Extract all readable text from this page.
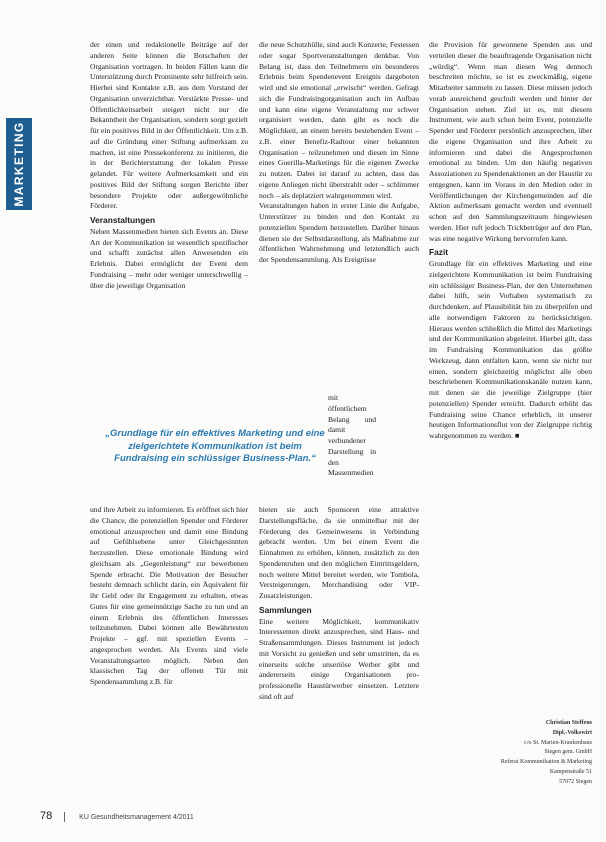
MARKETING

der einen und redaktionelle Beiträge auf der anderen Seite können die Botschaften der Organisation vortragen. In beiden Fällen kann die Unterstützung durch Prominente sehr hilfreich sein. Hierbei sind Kontakte z.B. aus dem Vorstand der Organisation unverzichtbar. Verstärkte Presse- und Öffentlichkeitsarbeit steigert nicht nur die Bekanntheit der Organisation, sondern sorgt gezielt für ein positives Bild in der Öffentlichkeit. Um z.B. auf die Gründung einer Stiftung aufmerksam zu machen, ist eine Pressekonferenz zu initiieren, die in der Berichterstattung der lokalen Presse gelandet. Für weitere Aufmerksamkeit und ein positives Bild der Stiftung sorgen Berichte über besondere Projekte oder außergewöhnliche Förderer.

Veranstaltungen

Neben Massenmedien bieten sich Events an. Diese Art der Kommunikation ist wesentlich spezifischer und schafft zunächst allen Anwesenden ein Erlebnis. Dabei ermöglicht der Event dem Fundraising – mehr oder weniger unterschwellig – über die jeweilige Organisation

die neue Schutzhülle, sind auch Konzerte, Festessen oder sogar Sportveranstaltungen denkbar. Von Belang ist, dass den Teilnehmern ein besonderes Erlebnis beim Spendenevent Ereignis dargeboten wird und sie emotional „erwischt“ werden. Gefragt sich die Fundraisingorganisation auch im Aufbau und kann eine eigene Veranstaltung nur schwer organisiert werden, dann gibt es noch die Möglichkeit, an einem bereits bestehenden Event – z.B. einer Benefiz-Radtour einer bekannten Organisation – teilzunehmen und diesen im Sinne eines Guerilla-Marketings für die eigenen Zwecke zu nutzen. Dabei ist darauf zu achten, dass das eigene Anliegen nicht überstrahlt oder – schlimmer noch – als deplatziert wahrgenommen wird.

Veranstaltungen haben in erster Linie die Aufgabe, Unterstützer zu binden und den Kontakt zu potenziellen Spendern herzustellen. Darüber hinaus dienen sie der Selbstdarstellung, als Maßnahme zur öffentlichen Wahrnehmung und letztendlich auch der Spendensammlung. Als Ereignisse

mit öffentlichem Belang und damit verbundener Darstellung in den Massenmedien
„Grundlage für ein effektives Marketing und eine zielgerichtete Kommunikation ist beim Fundraising ein schlüssiger Business-Plan.“
und ihre Arbeit zu informieren. Es eröffnet sich hier die Chance, die potenziellen Spender und Förderer emotional anzusprechen und damit eine Bindung auf Gefühlsebene unter Gleichgesinnten herzustellen. Diese emotionale Bindung wird gleichsam als „Gegenleistung“ zur bewerbenen Spende erbracht. Die Motivation der Besucher besteht demnach schlicht darin, ein Äquivalent für ihr Geld oder ihr Engagement zu erhalten, etwas Gutes für eine gemeinnützige Sache zu tun und an einem Erlebnis des öffentlichen Interesses teilzunehmen. Dabei können alle Bewährtesten Projekte – ggf. mit speziellen Events – angesprochen werden. Als Events sind viele Veranstaltungsarten möglich. Neben den klassischen Tag der offenen Tür mit Spendensammlung z.B. für

bieten sie auch Sponsoren eine attraktive Darstellungsfläche, da sie unmittelbar mit der Förderung des Gemeinwesens in Verbindung gebracht werden. Um bei einem Event die Einnahmen zu erhöhen, können, zusätzlich zu den Spendentruhen und den möglichen Eintrittsgeldern, noch weitere Mittel bereitet werden, wie Tombola, Versteigerungen, Merchandising oder VIP-Zusatzleistungen.

Sammlungen

Eine weitere Möglichkeit, kommunikativ Interessenten direkt anzusprechen, sind Haus- und Straßensammlungen. Dieses Instrument ist jedoch mit Vorsicht zu genießen und sehr umstritten, da es einerseits solche unseriöse Werber gibt und andererseits einige Organisationen pro-professionelle Haustürwerber einsetzen. Letztere sind oft auf

die Provision für gewonnene Spenden aus und verteilen dieser die beauftragende Organisation nicht „würdig“. Wenn man diesen Weg dennoch beschreiten möchte, so ist es zweckmäßig, eigene Mitarbeiter sammeln zu lassen. Diese müssen jedoch vorab ausreichend geschult werden und hinter der Organisation stehen. Ziel ist es, mit diesem Instrument, wie auch schon beim Event, potenzielle Spender und Förderer persönlich anzusprechen, über die eigene Organisation und ihre Arbeit zu informieren und dabei die Angesprochenen emotional zu binden. Um den häufig negativen Assoziationen zu Spendenaktionen an der Haustür zu entgegnen, kann im Voraus in den Medien oder in Veröffentlichungen der Kirchengemeinden auf die Aktion aufmerksam gemacht werden und eventuell schon auf den Sammlungszeitraum hingewiesen werden. Hier ruft jedoch Trickbetrüger auf den Plan, was eine negative Wirkung hervorrufen kann.

Fazit

Grundlage für ein effektives Marketing und eine zielgerichtete Kommunikation ist beim Fundraising ein schlüssiger Business-Plan, der den Unternehmen dabei hilft, sein Vorhaben systematisch zu durchdenken, auf Plausibilität hin zu überprüfen und alle notwendigen Faktoren zu berücksichtigen. Hieraus werden schließlich die Mittel des Marketings und der Kommunikation abgeleitet. Hierbei gilt, dass im Fundraising Kommunikation das größte Werkzeug, dann entfalten kann, wenn sie nicht nur einen, sondern gleichzeitig möglichst alle oben beschriebenen Kommunikationskanäle nutzen kann, mit denen sie die jeweilige Zielgruppe (hier potenziellen) Spender erreicht. Dadurch erhöht das Fundraising seine Chance erheblich, in unserer heutigen Informationsflut von der Zielgruppe richtig wahrgenommen zu werden. ■

Christian Steffens
Dipl.-Volkswirt
c/o St. Marien-Krankenhaus
Siegen gem. GmbH
Referat Kommunikation & Marketing
Kampenstraße 51
57072 Siegen
78	KU Gesundheitsmanagement 4/2011
